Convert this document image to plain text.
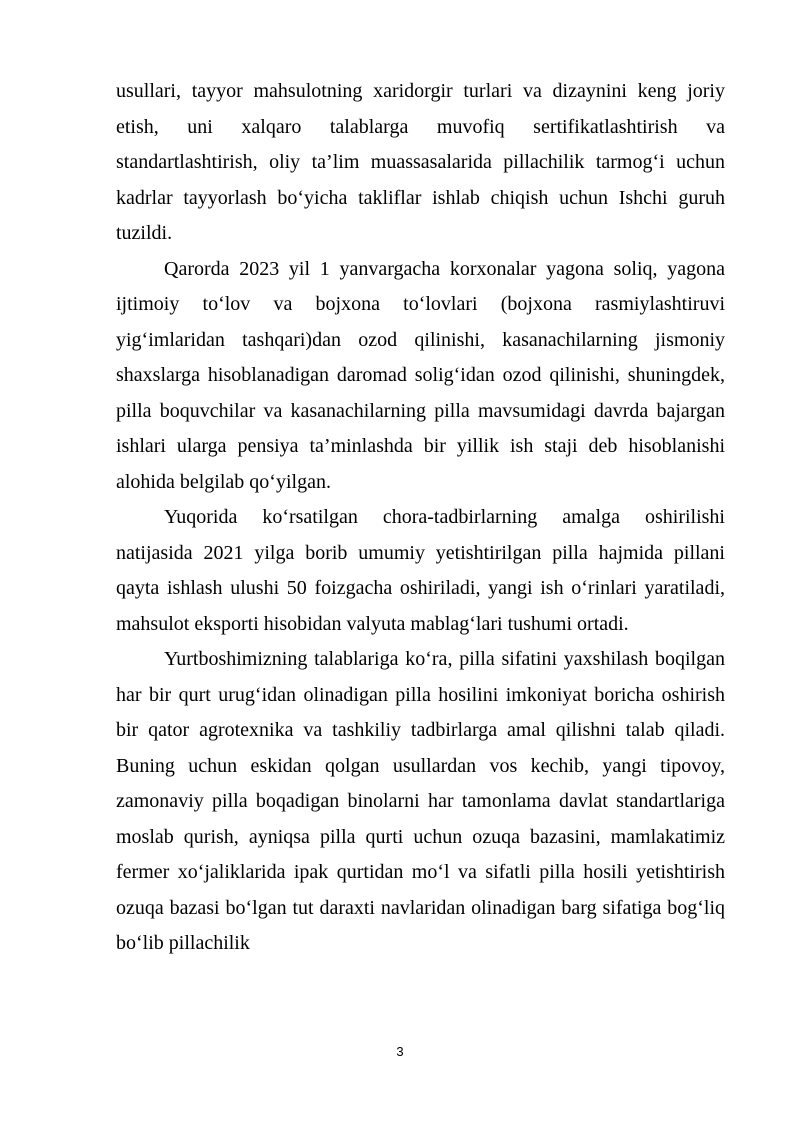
usullari, tayyor mahsulotning xaridorgir turlari va dizaynini keng joriy etish, uni xalqaro talablarga muvofiq sertifikatlashtirish va standartlashtirish, oliy ta’lim muassasalarida pillachilik tarmog‘i uchun kadrlar tayyorlash bo‘yicha takliflar ishlab chiqish uchun Ishchi guruh tuzildi.

Qarorda 2023 yil 1 yanvargacha korxonalar yagona soliq, yagona ijtimoiy to‘lov va bojxona to‘lovlari (bojxona rasmiylashtiruvi yig‘imlaridan tashqari)dan ozod qilinishi, kasanachilarning jismoniy shaxslarga hisoblanadigan daromad solig‘idan ozod qilinishi, shuningdek, pilla boquvchilar va kasanachilarning pilla mavsumidagi davrda bajargan ishlari ularga pensiya ta’minlashda bir yillik ish staji deb hisoblanishi alohida belgilab qo‘yilgan.

Yuqorida ko‘rsatilgan chora-tadbirlarning amalga oshirilishi natijasida 2021 yilga borib umumiy yetishtirilgan pilla hajmida pillani qayta ishlash ulushi 50 foizgacha oshiriladi, yangi ish o‘rinlari yaratiladi, mahsulot eksporti hisobidan valyuta mablag‘lari tushumi ortadi.

Yurtboshimizning talablariga ko‘ra, pilla sifatini yaxshilash boqilgan har bir qurt urug‘idan olinadigan pilla hosilini imkoniyat boricha oshirish bir qator agrotexnika va tashkiliy tadbirlarga amal qilishni talab qiladi. Buning uchun eskidan qolgan usullardan vos kechib, yangi tipovoy, zamonaviy pilla boqadigan binolarni har tamonlama davlat standartlariga moslab qurish, ayniqsa pilla qurti uchun ozuqa bazasini, mamlakatimiz fermer xo‘jaliklarida ipak qurtidan mo‘l va sifatli pilla hosili yetishtirish ozuqa bazasi bo‘lgan tut daraxti navlaridan olinadigan barg sifatiga bog‘liq bo‘lib pillachilik

3
